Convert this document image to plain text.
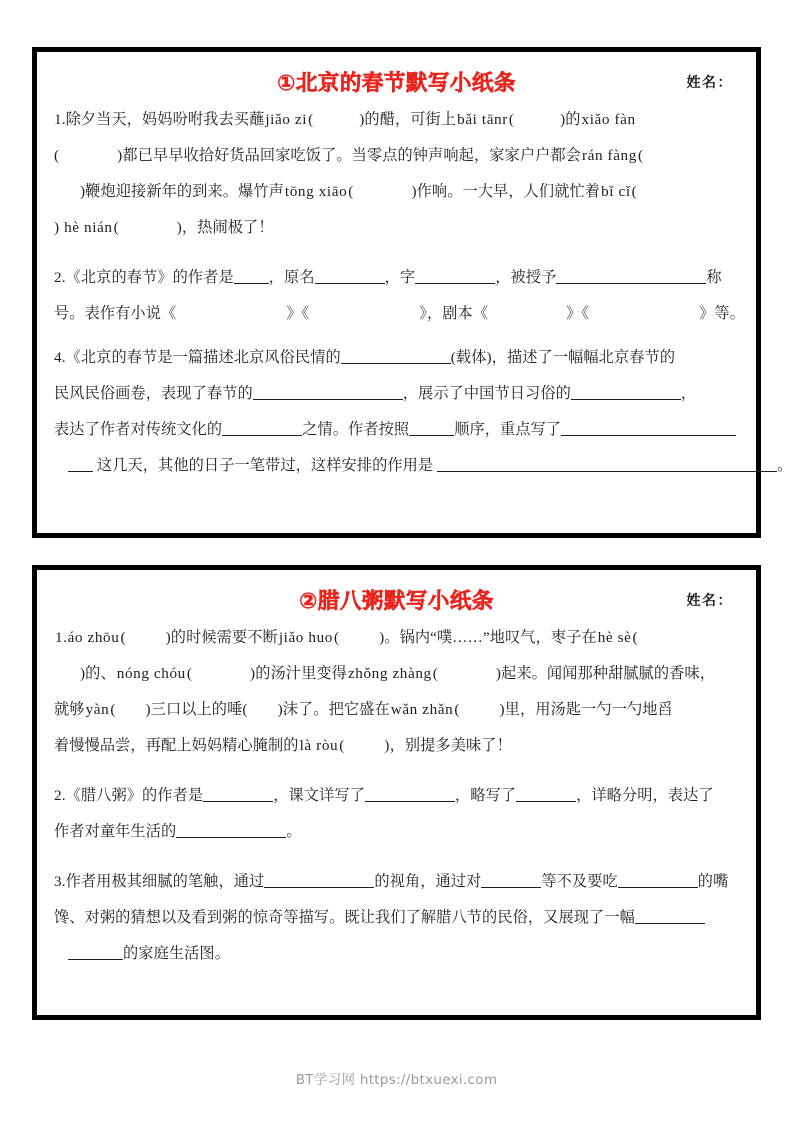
①北京的春节默写小纸条	姓名：
1.除夕当天，妈妈吩咐我去买蘸jiǎo zi(	)的醋，可街上bǎi tānr(	)的xiǎo fàn
(	)都已早早收拾好货品回家吃饭了。当零点的钟声响起，家家户户都会rán fàng(
)鞭炮迎接新年的到来。爆竹声tōng xiāo(	)作响。一大早，人们就忙着bǐ cǐ(
) hè nián(	)，热闹极了！
2.《北京的春节》的作者是 ，原名	，字	，被授予	称
号。表作有小说《	》《	》，剧本《	》《	》等。
4.《北京的春节是一篇描述北京风俗民情的	(载体)，描述了一幅幅北京春节的
民风民俗画卷，表现了春节的	，展示了中国节日习俗的	，
表达了作者对传统文化的	之情。作者按照	顺序，重点写了
这几天，其他的日子一笔带过，这样安排的作用是	。
②腊八粥默写小纸条	姓名：
1.áo zhōu(	)的时候需要不断jiǎo huo(	)。锅内“噗……”地叹气，枣子在hè sè(
)的、nóng chóu(	)的汤汁里变得zhǒng zhàng(	)起来。闻闻那种甜腻腻的香味，
就够yàn( )三口以上的唾( )沫了。把它盛在wǎn zhǎn(	)里，用汤匙一勺一勺地舀
着慢慢品尝，再配上妈妈精心腌制的là ròu(	)，别提多美味了！
2.《腊八粥》的作者是	，课文详写了	，略写了	，详略分明，表达了
作者对童年生活的	。
3.作者用极其细腻的笔触，通过	的视角，通过对	等不及要吃	的嘴
馋、对粥的猜想以及看到粥的惊奇等描写。既让我们了解腊八节的民俗，又展现了一幅
的家庭生活图。
BT学习网 https://btxuexi.com
